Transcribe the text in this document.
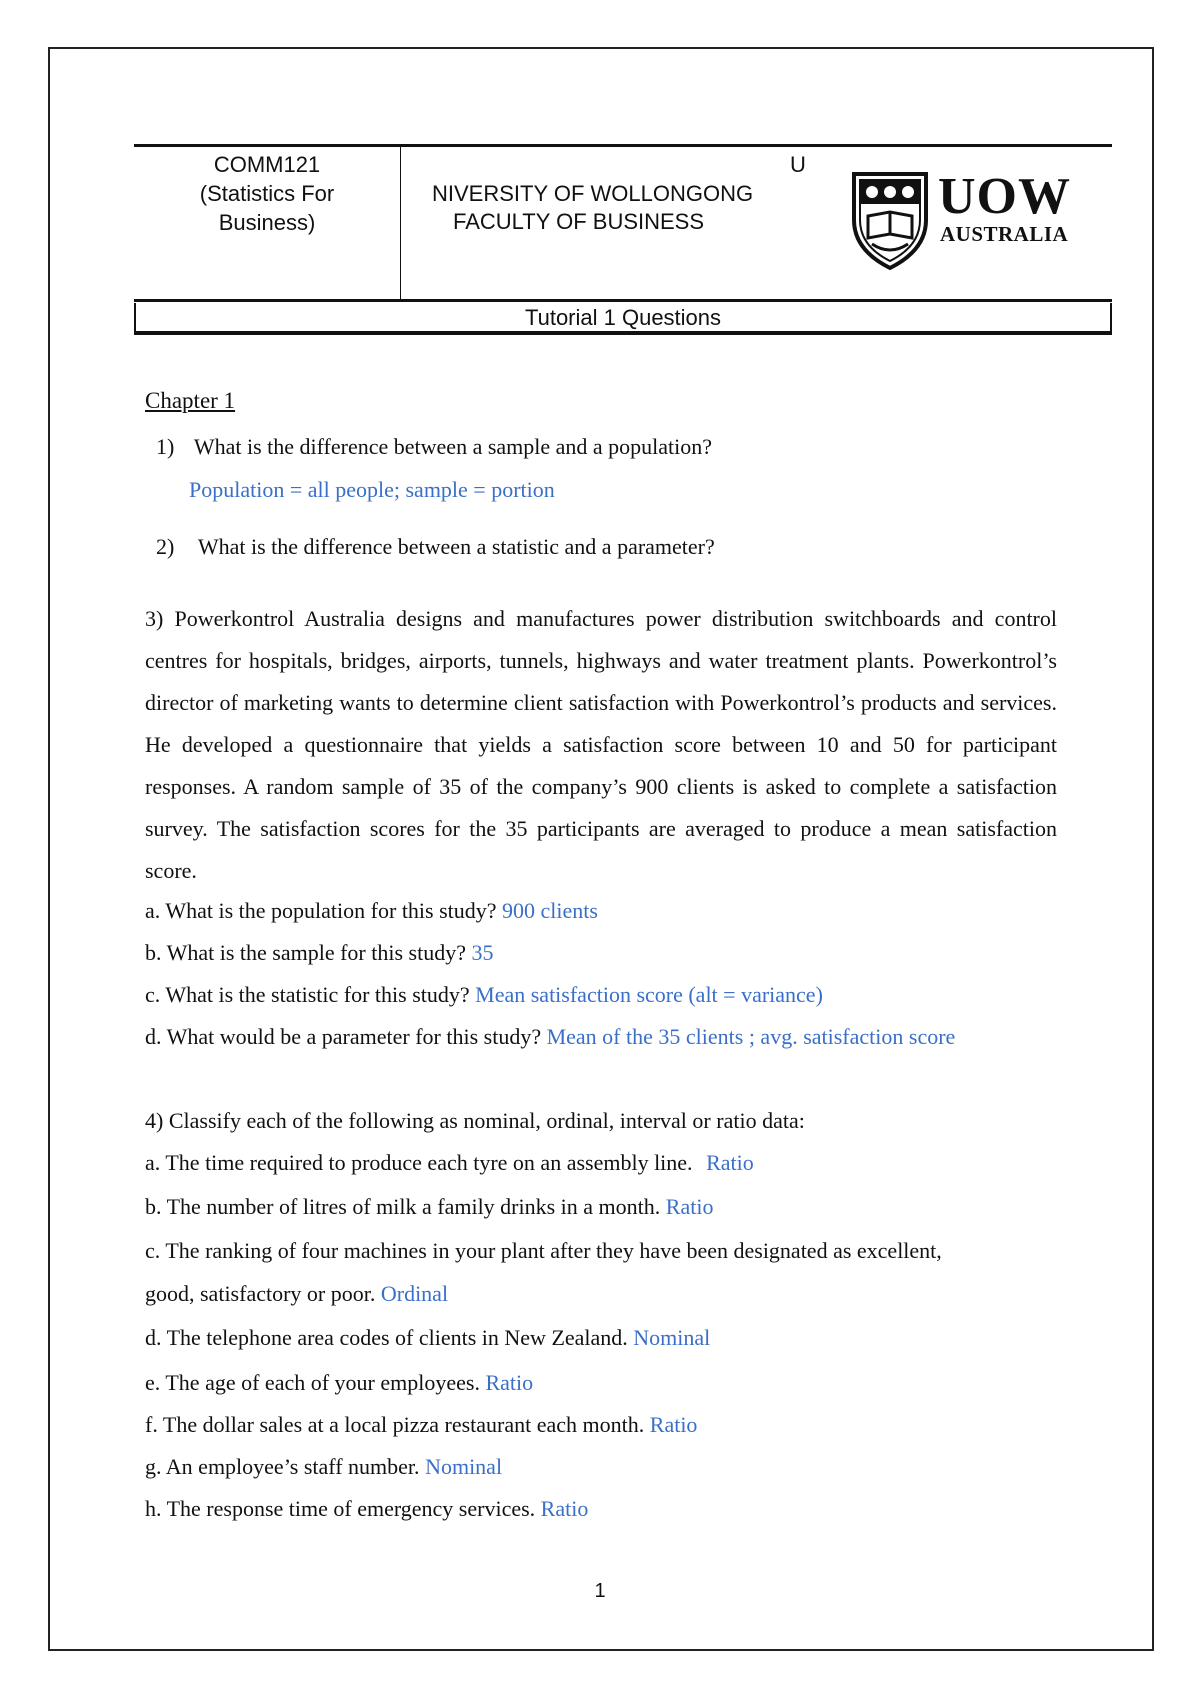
COMM121
(Statistics For
Business)
U
NIVERSITY OF WOLLONGONG
FACULTY OF BUSINESS	UOW
AUSTRALIA
Tutorial 1 Questions
Chapter 1
1) What is the difference between a sample and a population?
Population = all people; sample = portion
2) What is the difference between a statistic and a parameter?
3) Powerkontrol Australia designs and manufactures power distribution switchboards and control centres for hospitals, bridges, airports, tunnels, highways and water treatment plants. Powerkontrol’s director of marketing wants to determine client satisfaction with Powerkontrol’s products and services. He developed a questionnaire that yields a satisfaction score between 10 and 50 for participant responses. A random sample of 35 of the company’s 900 clients is asked to complete a satisfaction survey. The satisfaction scores for the 35 participants are averaged to produce a mean satisfaction score.
a. What is the population for this study? 900 clients
b. What is the sample for this study? 35
c. What is the statistic for this study? Mean satisfaction score (alt = variance)
d. What would be a parameter for this study? Mean of the 35 clients ; avg. satisfaction score
4) Classify each of the following as nominal, ordinal, interval or ratio data:
a. The time required to produce each tyre on an assembly line. Ratio
b. The number of litres of milk a family drinks in a month. Ratio
c. The ranking of four machines in your plant after they have been designated as excellent,
good, satisfactory or poor. Ordinal
d. The telephone area codes of clients in New Zealand. Nominal
e. The age of each of your employees. Ratio
f. The dollar sales at a local pizza restaurant each month. Ratio
g. An employee’s staff number. Nominal
h. The response time of emergency services. Ratio
1
